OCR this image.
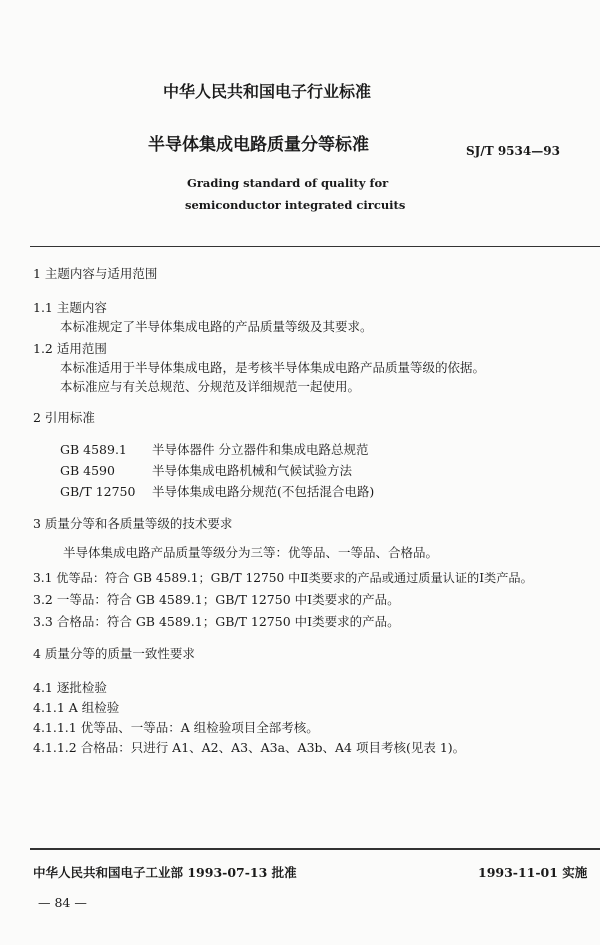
中华人民共和国电子行业标准
半导体集成电路质量分等标准	SJ/T 9534—93
Grading standard of quality for
semiconductor integrated circuits
1 主题内容与适用范围
1.1 主题内容
本标准规定了半导体集成电路的产品质量等级及其要求。
1.2 适用范围
本标准适用于半导体集成电路，是考核半导体集成电路产品质量等级的依据。
本标准应与有关总规范、分规范及详细规范一起使用。
2 引用标准
GB 4589.1 半导体器件 分立器件和集成电路总规范
GB 4590	半导体集成电路机械和气候试验方法
GB/T 12750 半导体集成电路分规范(不包括混合电路)
3 质量分等和各质量等级的技术要求
半导体集成电路产品质量等级分为三等：优等品、一等品、合格品。
3.1 优等品：符合 GB 4589.1；GB/T 12750 中Ⅱ类要求的产品或通过质量认证的Ⅰ类产品。
3.2 一等品：符合 GB 4589.1；GB/T 12750 中Ⅰ类要求的产品。
3.3 合格品：符合 GB 4589.1；GB/T 12750 中Ⅰ类要求的产品。
4 质量分等的质量一致性要求
4.1 逐批检验
4.1.1 A 组检验
4.1.1.1 优等品、一等品：A 组检验项目全部考核。
4.1.1.2 合格品：只进行 A1、A2、A3、A3a、A3b、A4 项目考核(见表 1)。
中华人民共和国电子工业部 1993-07-13 批准	1993-11-01 实施
— 84 —
